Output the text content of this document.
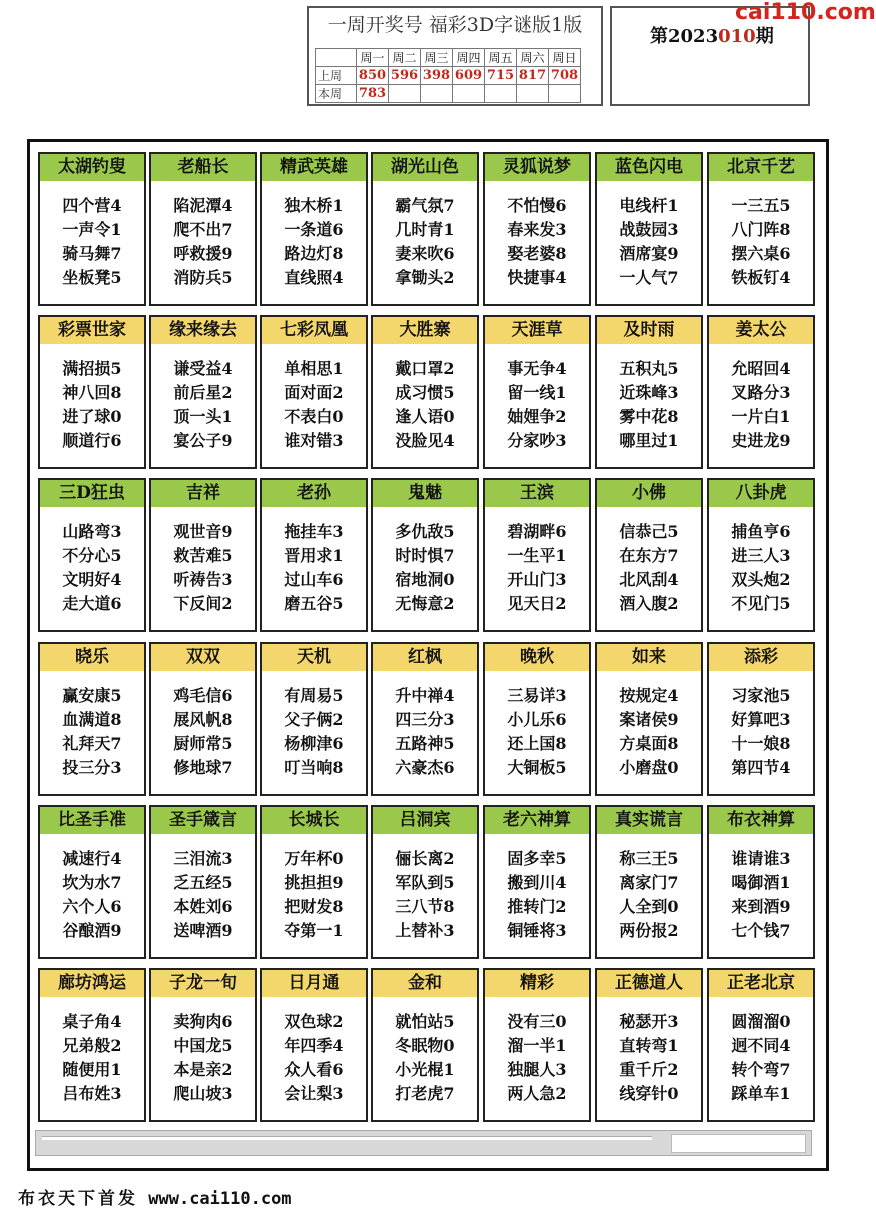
一周开奖号 福彩3D字谜版1版
	周一	周二	周三	周四	周五	周六	周日
上周	850	596	398	609	715	817	708
本周	783						
第2023010期
cai110.com
太湖钓叟
四个营4
一声令1
骑马舞7
坐板凳5
老船长
陷泥潭4
爬不出7
呼救援9
消防兵5
精武英雄
独木桥1
一条道6
路边灯8
直线照4
湖光山色
霸气氛7
几时青1
妻来吹6
拿锄头2
灵狐说梦
不怕慢6
春来发3
娶老婆8
快捷事4
蓝色闪电
电线杆1
战鼓园3
酒席宴9
一人气7
北京千艺
一三五5
八门阵8
摆六桌6
铁板钉4
彩票世家
满招损5
神八回8
进了球0
顺道行6
缘来缘去
谦受益4
前后星2
顶一头1
宴公子9
七彩凤凰
单相思1
面对面2
不表白0
谁对错3
大胜寨
戴口罩2
成习惯5
逢人语0
没脸见4
天涯草
事无争4
留一线1
妯娌争2
分家吵3
及时雨
五积丸5
近珠峰3
雾中花8
哪里过1
姜太公
允昭回4
叉路分3
一片白1
史进龙9
三D狂虫
山路弯3
不分心5
文明好4
走大道6
吉祥
观世音9
救苦难5
听祷告3
下反间2
老孙
拖挂车3
晋用求1
过山车6
磨五谷5
鬼魅
多仇敌5
时时惧7
宿地洞0
无悔意2
王滨
碧湖畔6
一生平1
开山门3
见天日2
小佛
信恭己5
在东方7
北风刮4
酒入腹2
八卦虎
捕鱼亨6
进三人3
双头炮2
不见门5
晓乐
赢安康5
血满道8
礼拜天7
投三分3
双双
鸡毛信6
展风帆8
厨师常5
修地球7
天机
有周易5
父子俩2
杨柳津6
叮当响8
红枫
升中禅4
四三分3
五路神5
六豪杰6
晚秋
三易详3
小儿乐6
还上国8
大铜板5
如来
按规定4
案诸侯9
方桌面8
小磨盘0
添彩
习家池5
好算吧3
十一娘8
第四节4
比圣手准
减速行4
坎为水7
六个人6
谷酿酒9
圣手箴言
三泪流3
乏五经5
本姓刘6
送啤酒9
长城长
万年杯0
挑担担9
把财发8
夺第一1
吕洞宾
俪长离2
军队到5
三八节8
上替补3
老六神算
固多幸5
搬到川4
推转门2
铜锤将3
真实谎言
称三王5
离家门7
人全到0
两份报2
布衣神算
谁请谁3
喝御酒1
来到酒9
七个钱7
廊坊鸿运
桌子角4
兄弟般2
随便用1
吕布姓3
子龙一旬
卖狗肉6
中国龙5
本是亲2
爬山坡3
日月通
双色球2
年四季4
众人看6
会让梨3
金和
就怕站5
冬眠物0
小光棍1
打老虎7
精彩
没有三0
溜一半1
独腿人3
两人急2
正德道人
秘瑟开3
直转弯1
重千斤2
线穿针0
正老北京
圆溜溜0
迥不同4
转个弯7
踩单车1
布衣天下首发 www.cai110.com
